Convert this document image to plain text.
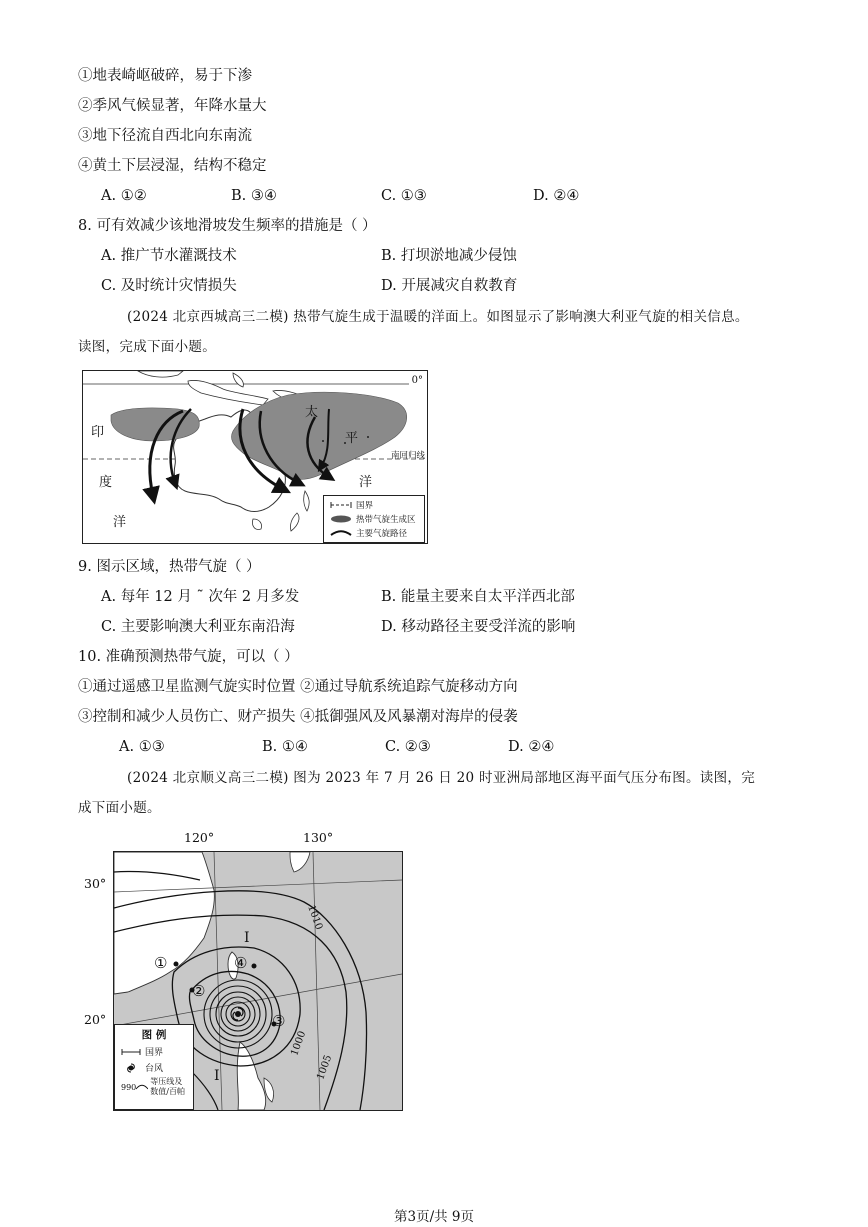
①地表崎岖破碎，易于下渗
②季风气候显著，年降水量大
③地下径流自西北向东南流
④黄土下层浸湿，结构不稳定
A. ①②	B. ③④	C. ①③	D. ②④
8. 可有效减少该地滑坡发生频率的措施是（ ）
A. 推广节水灌溉技术	B. 打坝淤地减少侵蚀
C. 及时统计灾情损失	D. 开展减灾自救教育
(2024 北京西城高三二模) 热带气旋生成于温暖的洋面上。如图显示了影响澳大利亚气旋的相关信息。
读图，完成下面小题。
0°
太
平
洋
印
度
洋
南回归线
国界
热带气旋生成区
主要气旋路径
9. 图示区域，热带气旋（ ）
A. 每年 12 月 ˜ 次年 2 月多发	B. 能量主要来自太平洋西北部
C. 主要影响澳大利亚东南沿海	D. 移动路径主要受洋流的影响
10. 准确预测热带气旋，可以（ ）
①通过遥感卫星监测气旋实时位置 ②通过导航系统追踪气旋移动方向
③控制和减少人员伤亡、财产损失 ④抵御强风及风暴潮对海岸的侵袭
A. ①③	B. ①④	C. ②③	D. ②④
(2024 北京顺义高三二模) 图为 2023 年 7 月 26 日 20 时亚洲局部地区海平面气压分布图。读图，完
成下面小题。
120°	130°
30°
20°
1010
1000
1005
①
②
③
④
I
I
图 例
国界
台风
990
等压线及数值/百帕
第3页/共 9页
